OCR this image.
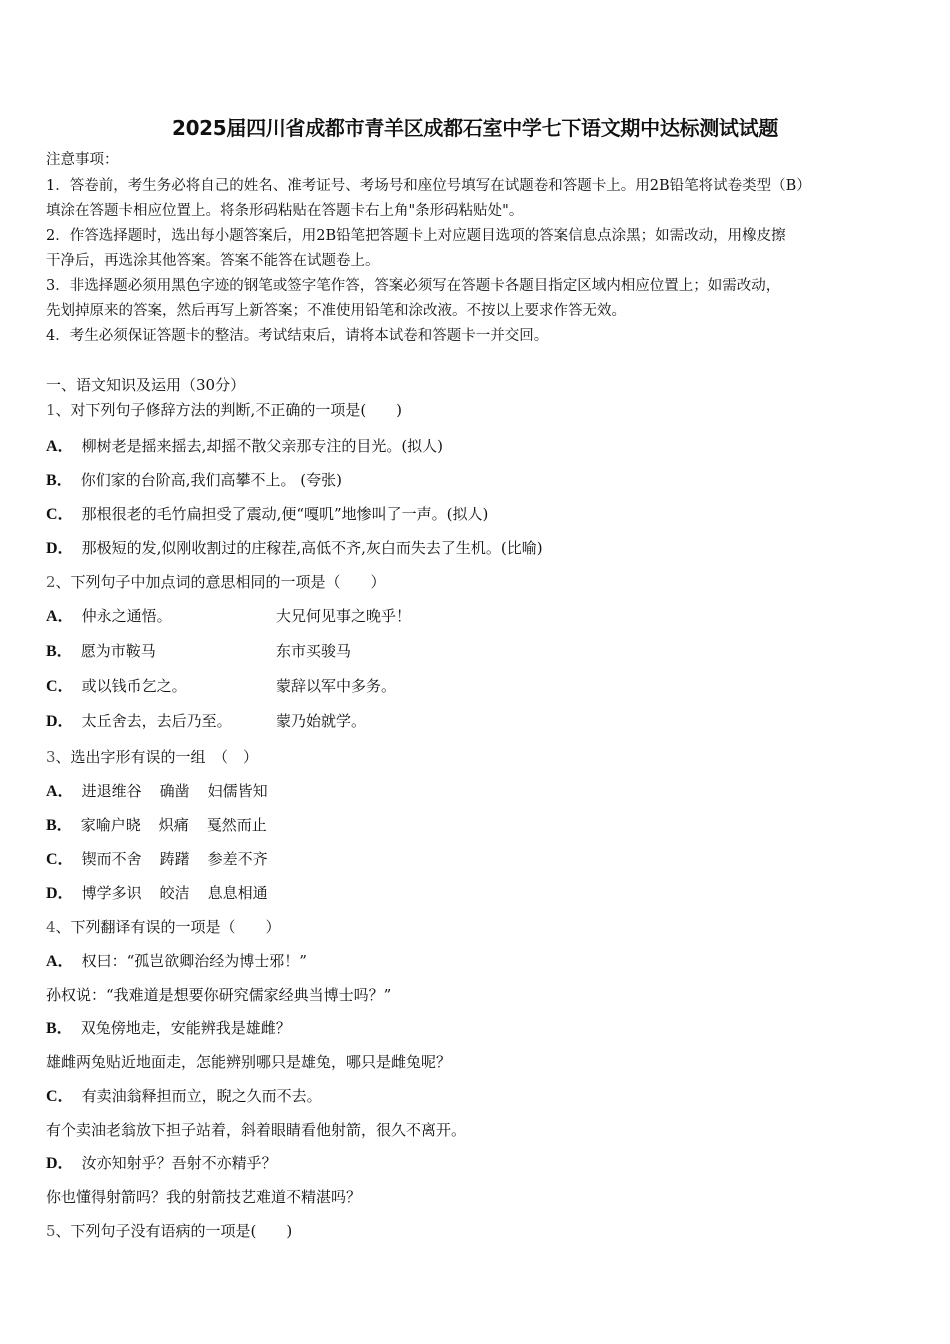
2025届四川省成都市青羊区成都石室中学七下语文期中达标测试试题
注意事项：
1．答卷前，考生务必将自己的姓名、准考证号、考场号和座位号填写在试题卷和答题卡上。用2B铅笔将试卷类型（B）
填涂在答题卡相应位置上。将条形码粘贴在答题卡右上角"条形码粘贴处"。
2．作答选择题时，选出每小题答案后，用2B铅笔把答题卡上对应题目选项的答案信息点涂黑；如需改动，用橡皮擦
干净后，再选涂其他答案。答案不能答在试题卷上。
3．非选择题必须用黑色字迹的钢笔或签字笔作答，答案必须写在答题卡各题目指定区域内相应位置上；如需改动，
先划掉原来的答案，然后再写上新答案；不准使用铅笔和涂改液。不按以上要求作答无效。
4．考生必须保证答题卡的整洁。考试结束后，请将本试卷和答题卡一并交回。
一、语文知识及运用（30分）
1、对下列句子修辞方法的判断,不正确的一项是(　　)
A． 柳树老是摇来摇去,却摇不散父亲那专注的目光。(拟人)
B． 你们家的台阶高,我们高攀不上。 (夸张)
C． 那根很老的毛竹扁担受了震动,便“嘎叽”地惨叫了一声。(拟人)
D． 那极短的发,似刚收割过的庄稼茬,高低不齐,灰白而失去了生机。(比喻)
2、下列句子中加点词的意思相同的一项是（　　）
A． 仲永之通悟。	大兄何见事之晚乎！
B． 愿为市鞍马	东市买骏马
C． 或以钱币乞之。	蒙辞以军中多务。
D． 太丘舍去，去后乃至。	蒙乃始就学。
3、选出字形有误的一组　（　）
A． 进退维谷 确凿 妇儒皆知
B． 家喻户晓 炽痛 戛然而止
C． 锲而不舍 踌躇 参差不齐
D． 博学多识 皎洁 息息相通
4、下列翻译有误的一项是（　　）
A． 权曰：“孤岂欲卿治经为博士邪！”
孙权说：“我难道是想要你研究儒家经典当博士吗？”
B． 双兔傍地走，安能辨我是雄雌？
雄雌两兔贴近地面走，怎能辨别哪只是雄兔，哪只是雌兔呢？
C． 有卖油翁释担而立，睨之久而不去。
有个卖油老翁放下担子站着，斜着眼睛看他射箭，很久不离开。
D． 汝亦知射乎？吾射不亦精乎？
你也懂得射箭吗？我的射箭技艺难道不精湛吗？
5、下列句子没有语病的一项是(　　)
